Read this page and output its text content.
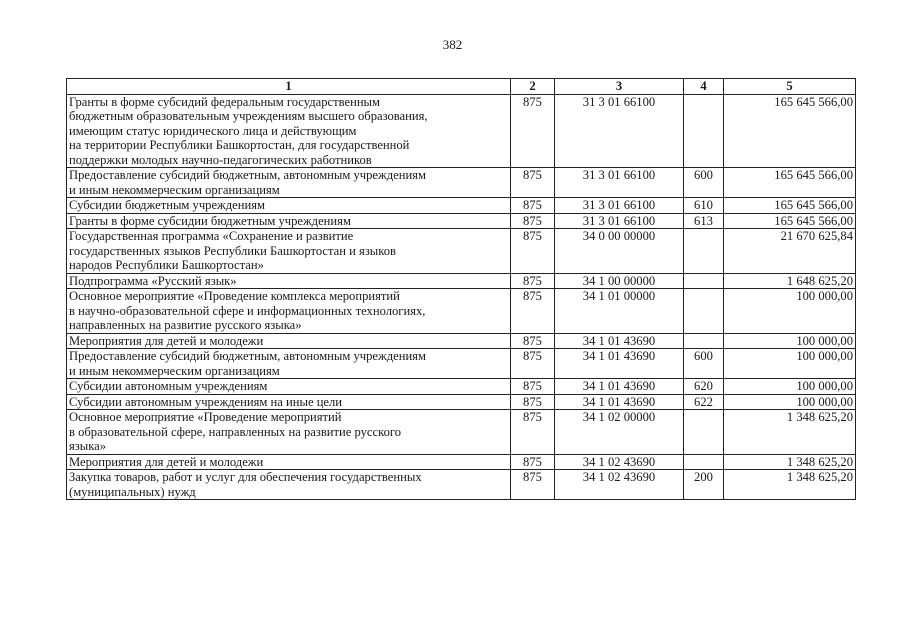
382
1	2	3	4	5

Гранты в форме субсидий федеральным государственным
бюджетным образовательным учреждениям высшего образования,
имеющим статус юридического лица и действующим
на территории Республики Башкортостан, для государственной
поддержки молодых научно-педагогических работников	875	31 3 01 66100		165 645 566,00

Предоставление субсидий бюджетным, автономным учреждениям
и иным некоммерческим организациям	875	31 3 01 66100	600	165 645 566,00

Субсидии бюджетным учреждениям	875	31 3 01 66100	610	165 645 566,00

Гранты в форме субсидии бюджетным учреждениям	875	31 3 01 66100	613	165 645 566,00

Государственная программа «Сохранение и развитие
государственных языков Республики Башкортостан и языков
народов Республики Башкортостан»	875	34 0 00 00000		21 670 625,84

Подпрограмма «Русский язык»	875	34 1 00 00000		1 648 625,20

Основное мероприятие «Проведение комплекса мероприятий
в научно-образовательной сфере и информационных технологиях,
направленных на развитие русского языка»	875	34 1 01 00000		100 000,00

Мероприятия для детей и молодежи	875	34 1 01 43690		100 000,00

Предоставление субсидий бюджетным, автономным учреждениям
и иным некоммерческим организациям	875	34 1 01 43690	600	100 000,00

Субсидии автономным учреждениям	875	34 1 01 43690	620	100 000,00

Субсидии автономным учреждениям на иные цели	875	34 1 01 43690	622	100 000,00

Основное мероприятие «Проведение мероприятий
в образовательной сфере, направленных на развитие русского
языка»	875	34 1 02 00000		1 348 625,20

Мероприятия для детей и молодежи	875	34 1 02 43690		1 348 625,20

Закупка товаров, работ и услуг для обеспечения государственных
(муниципальных) нужд	875	34 1 02 43690	200	1 348 625,20
